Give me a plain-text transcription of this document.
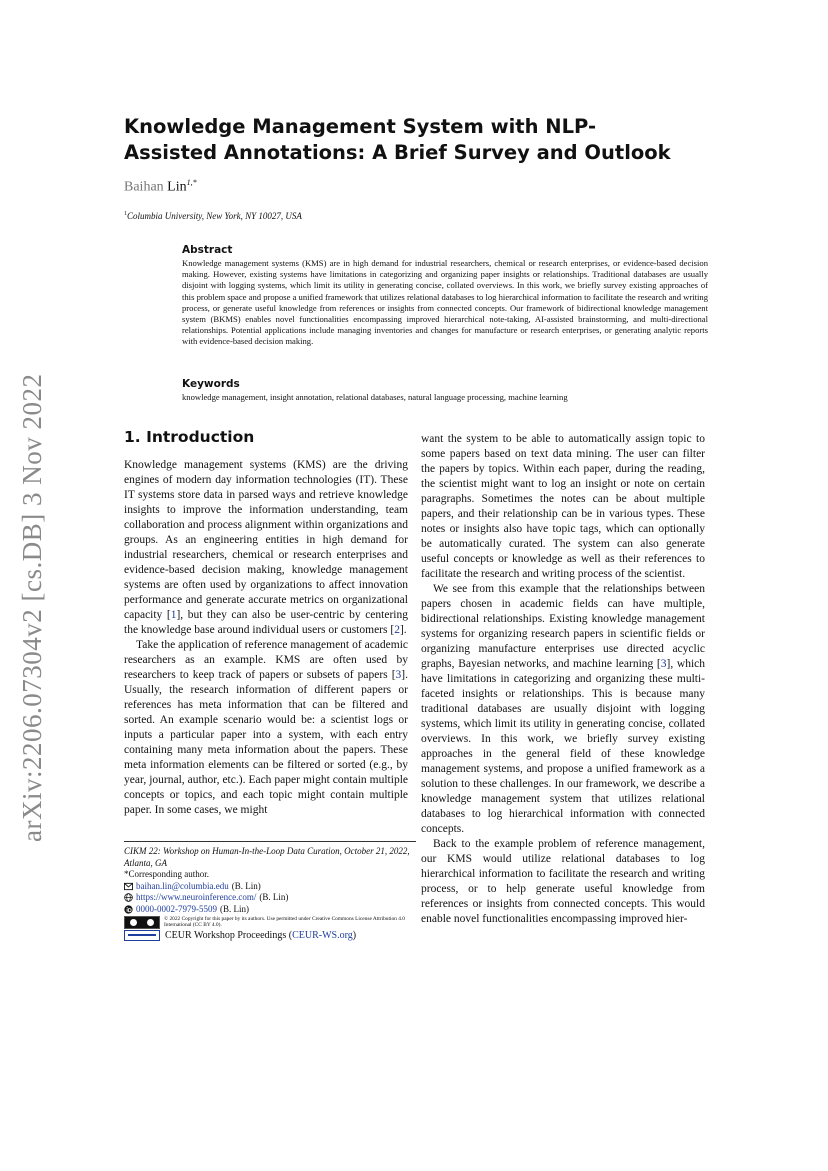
arXiv:2206.07304v2 [cs.DB] 3 Nov 2022
Knowledge Management System with NLP-Assisted Annotations: A Brief Survey and Outlook
Baihan Lin$^{1,*}$
$^1$Columbia University, New York, NY 10027, USA
Abstract

Knowledge management systems (KMS) are in high demand for industrial researchers, chemical or research enterprises, or evidence-based decision making. However, existing systems have limitations in categorizing and organizing paper insights or relationships. Traditional databases are usually disjoint with logging systems, which limit its utility in generating concise, collated overviews. In this work, we briefly survey existing approaches of this problem space and propose a unified framework that utilizes relational databases to log hierarchical information to facilitate the research and writing process, or generate useful knowledge from references or insights from connected concepts. Our framework of bidirectional knowledge management system (BKMS) enables novel functionalities encompassing improved hierarchical note-taking, AI-assisted brainstorming, and multi-directional relationships. Potential applications include managing inventories and changes for manufacture or research enterprises, or generating analytic reports with evidence-based decision making.

Keywords

knowledge management, insight annotation, relational databases, natural language processing, machine learning

1. Introduction

Knowledge management systems (KMS) are the driving engines of modern day information technologies (IT). These IT systems store data in parsed ways and retrieve knowledge insights to improve the information understanding, team collaboration and process alignment within organizations and groups. As an engineering entities in high demand for industrial researchers, chemical or research enterprises and evidence-based decision making, knowledge management systems are often used by organizations to affect innovation performance and generate accurate metrics on organizational capacity [1], but they can also be user-centric by centering the knowledge base around individual users or customers [2].

Take the application of reference management of academic researchers as an example. KMS are often used by researchers to keep track of papers or subsets of papers [3]. Usually, the research information of different papers or references has meta information that can be filtered and sorted. An example scenario would be: a scientist logs or inputs a particular paper into a system, with each entry containing many meta information about the papers. These meta information elements can be filtered or sorted (e.g., by year, journal, author, etc.). Each paper might contain multiple concepts or topics, and each topic might contain multiple paper. In some cases, we might

want the system to be able to automatically assign topic to some papers based on text data mining. The user can filter the papers by topics. Within each paper, during the reading, the scientist might want to log an insight or note on certain paragraphs. Sometimes the notes can be about multiple papers, and their relationship can be in various types. These notes or insights also have topic tags, which can optionally be automatically curated. The system can also generate useful concepts or knowledge as well as their references to facilitate the research and writing process of the scientist.

We see from this example that the relationships between papers chosen in academic fields can have multiple, bidirectional relationships. Existing knowledge management systems for organizing research papers in scientific fields or organizing manufacture enterprises use directed acyclic graphs, Bayesian networks, and machine learning [3], which have limitations in categorizing and organizing these multi-faceted insights or relationships. This is because many traditional databases are usually disjoint with logging systems, which limit its utility in generating concise, collated overviews. In this work, we briefly survey existing approaches in the general field of these knowledge management systems, and propose a unified framework as a solution to these challenges. In our framework, we describe a knowledge management system that utilizes relational databases to log hierarchical information with connected concepts.

Back to the example problem of reference management, our KMS would utilize relational databases to log hierarchical information to facilitate the research and writing process, or to help generate useful knowledge from references or insights from connected concepts. This would enable novel functionalities encompassing improved hier-

CIKM 22: Workshop on Human-In-the-Loop Data Curation, October 21, 2022, Atlanta, GA

*Corresponding author.

baihan.lin@columbia.edu (B. Lin)
https://www.neuroinference.com/ (B. Lin)
0000-0002-7979-5509 (B. Lin)
© 2022 Copyright for this paper by its authors. Use permitted under Creative Commons License Attribution 4.0 International (CC BY 4.0).
CEUR Workshop Proceedings (CEUR-WS.org)
